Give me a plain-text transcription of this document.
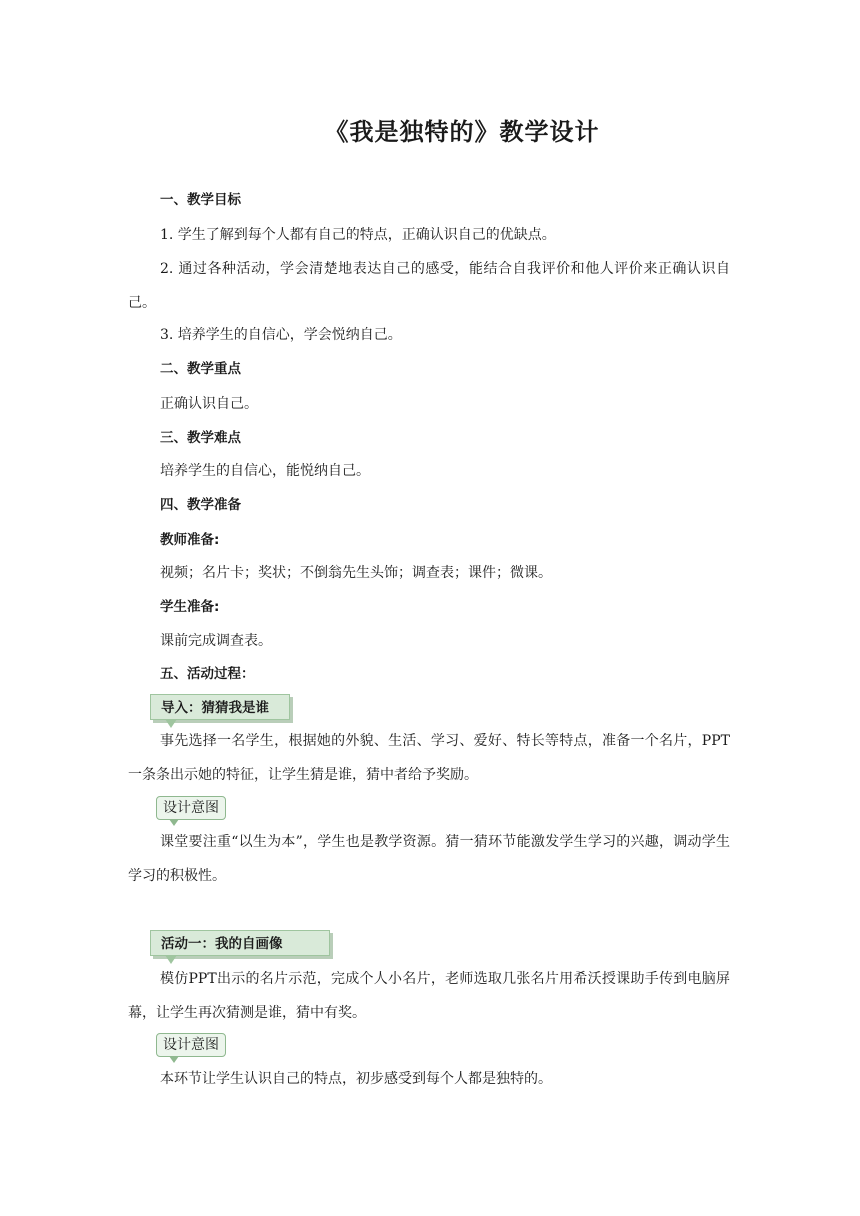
《我是独特的》教学设计
一、教学目标
1. 学生了解到每个人都有自己的特点，正确认识自己的优缺点。
2. 通过各种活动，学会清楚地表达自己的感受，能结合自我评价和他人评价来正确认识自己。
3. 培养学生的自信心，学会悦纳自己。
二、教学重点
正确认识自己。
三、教学难点
培养学生的自信心，能悦纳自己。
四、教学准备
教师准备:
视频；名片卡；奖状；不倒翁先生头饰；调查表；课件；微课。
学生准备:
课前完成调查表。
五、活动过程：
导入：猜猜我是谁
事先选择一名学生，根据她的外貌、生活、学习、爱好、特长等特点，准备一个名片，PPT一条条出示她的特征，让学生猜是谁，猜中者给予奖励。
设计意图
课堂要注重“以生为本”，学生也是教学资源。猜一猜环节能激发学生学习的兴趣，调动学生学习的积极性。
活动一：我的自画像
模仿PPT出示的名片示范，完成个人小名片，老师选取几张名片用希沃授课助手传到电脑屏幕，让学生再次猜测是谁，猜中有奖。
设计意图
本环节让学生认识自己的特点，初步感受到每个人都是独特的。
